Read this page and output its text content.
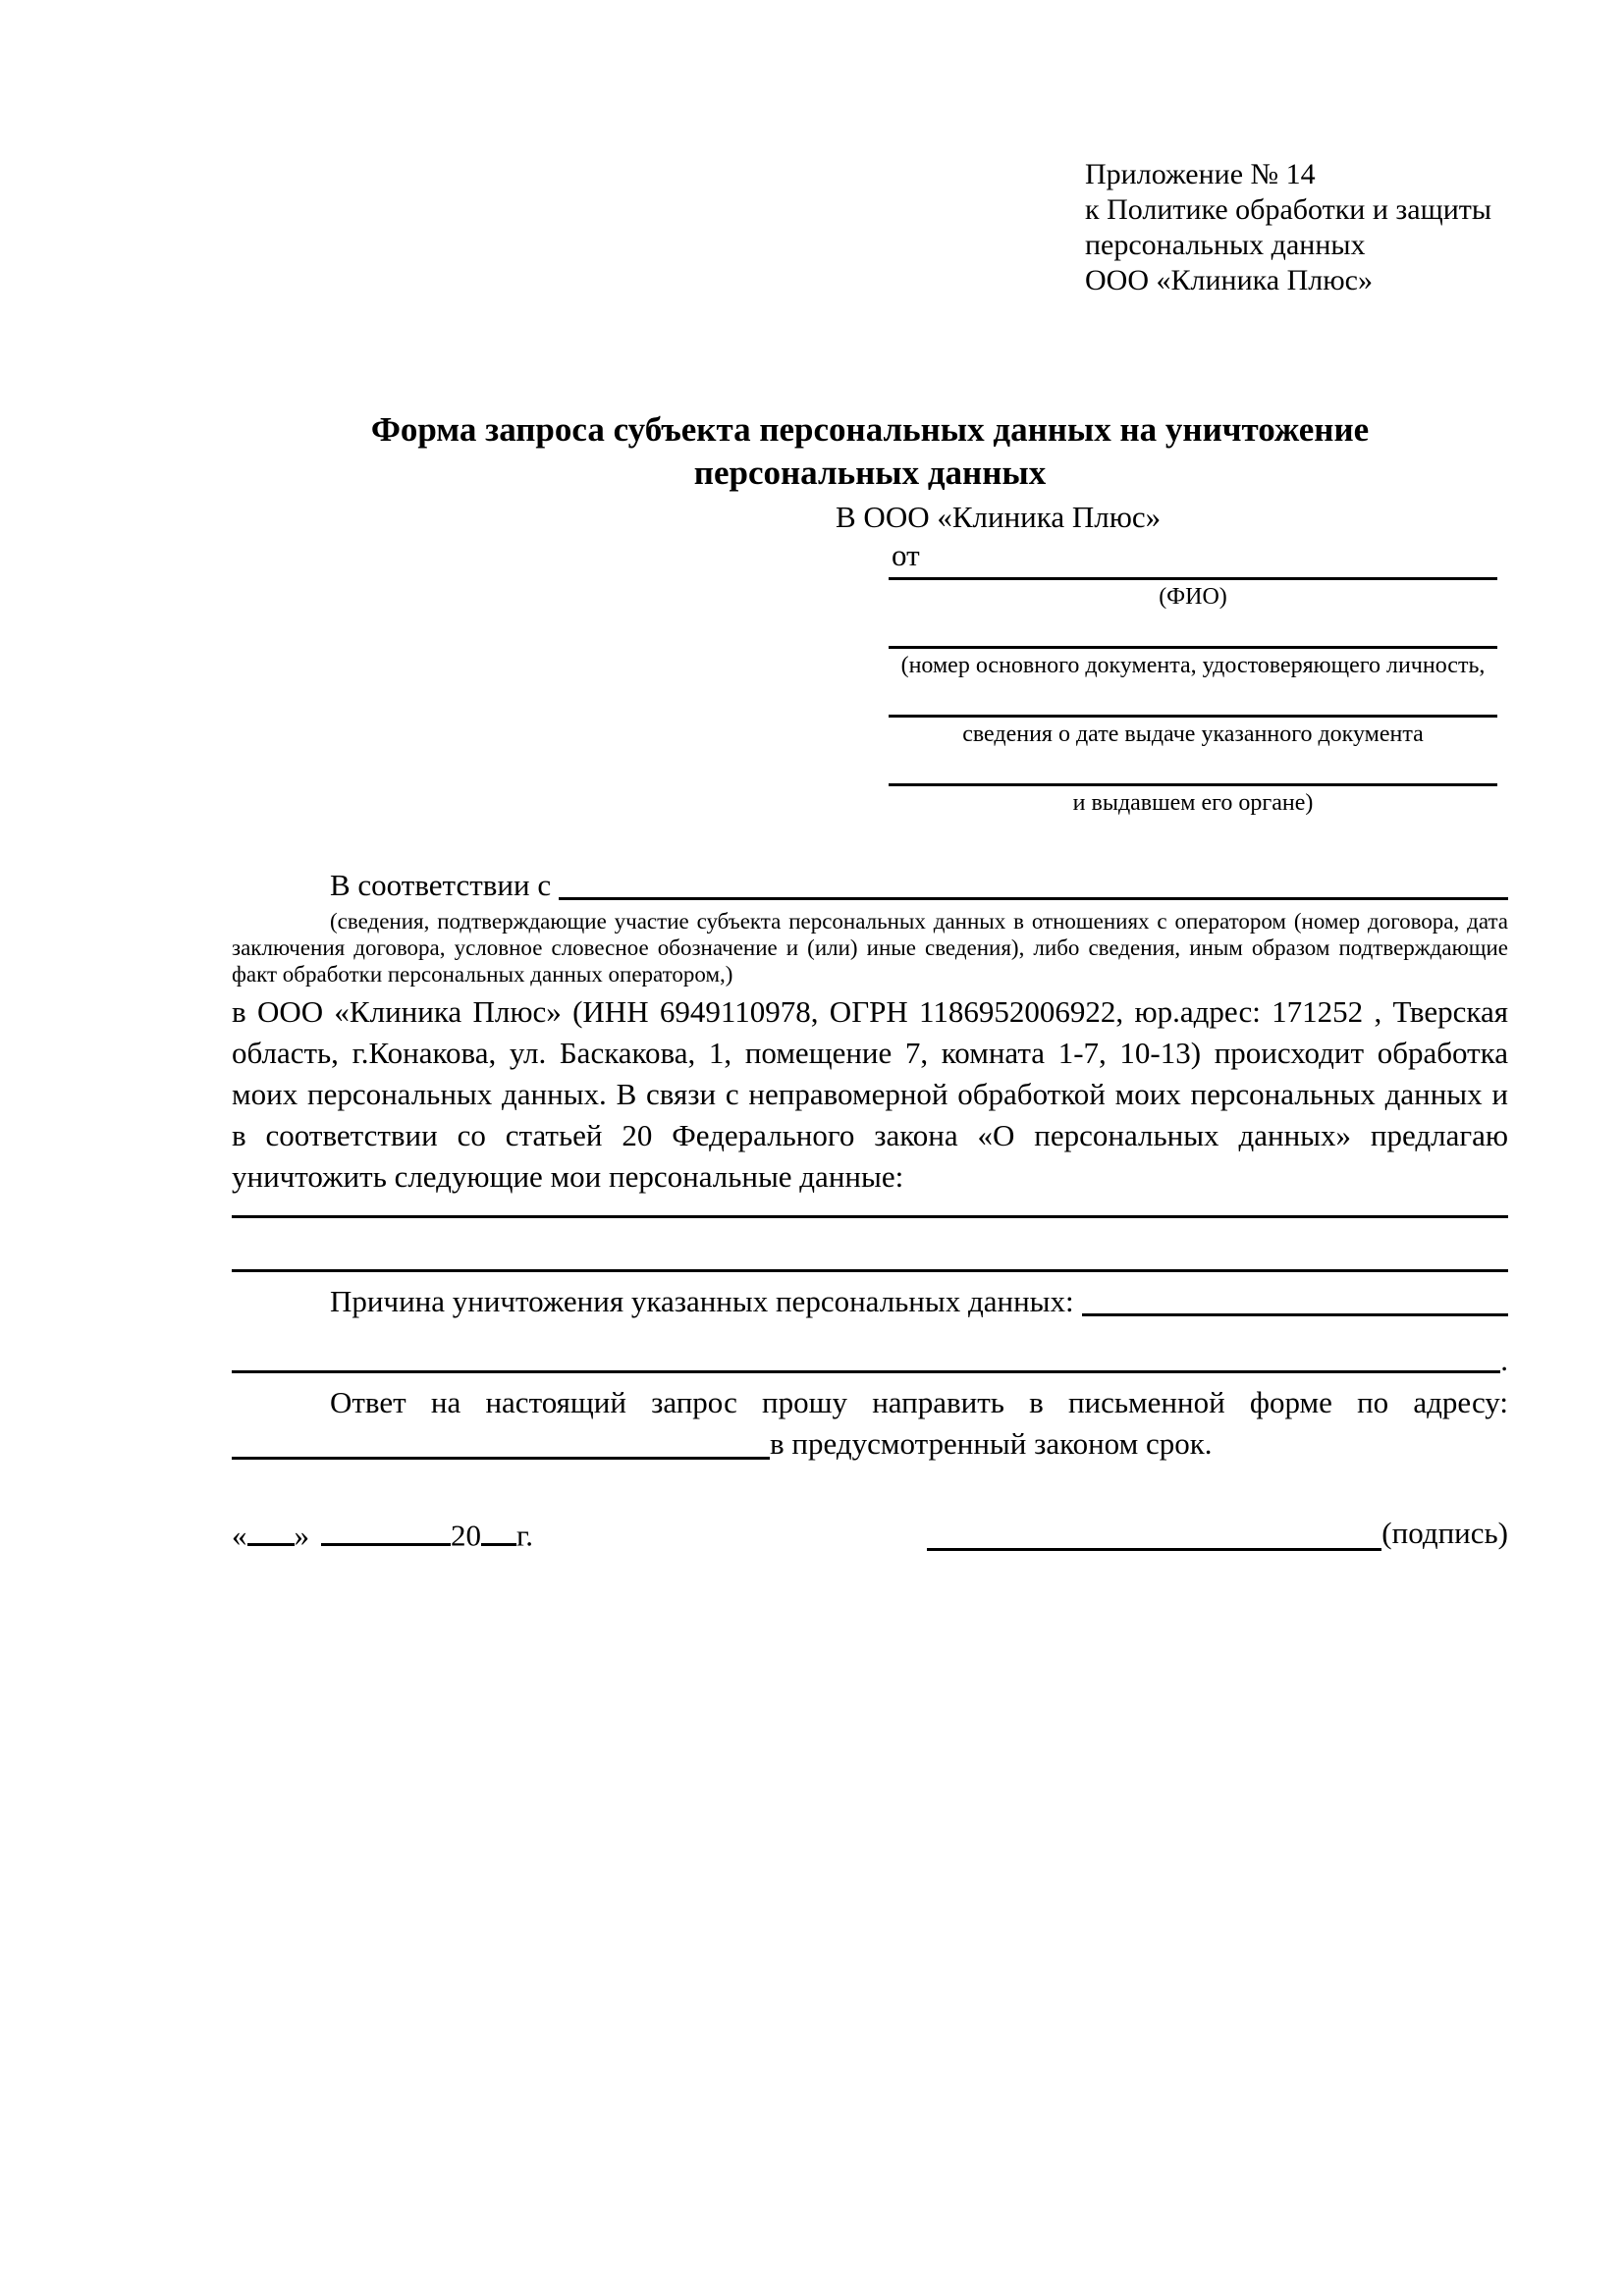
Приложение № 14
к Политике обработки и защиты
персональных данных
ООО «Клиника Плюс»
Форма запроса субъекта персональных данных на уничтожение
персональных данных
В ООО «Клиника Плюс»
от
(ФИО)
(номер основного документа, удостоверяющего личность,
сведения о дате выдаче указанного документа
и выдавшем его органе)
В соответствии с
(сведения, подтверждающие участие субъекта персональных данных в отношениях с оператором (номер договора, дата заключения договора, условное словесное обозначение и (или) иные сведения), либо сведения, иным образом подтверждающие факт обработки персональных данных оператором,)

в ООО «Клиника Плюс» (ИНН 6949110978, ОГРН 1186952006922, юр.адрес: 171252 , Тверская область, г.Конакова, ул. Баскакова, 1, помещение 7, комната 1-7, 10-13) происходит обработка моих персональных данных. В связи с неправомерной обработкой моих персональных данных и в соответствии со статьей 20 Федерального закона «О персональных данных» предлагаю уничтожить следующие мои персональные данные:

Причина уничтожения указанных персональных данных:
.
Ответ на настоящий запрос прошу направить в письменной форме по адресу:
в предусмотренный законом срок.
« »	20 г.	(подпись)
